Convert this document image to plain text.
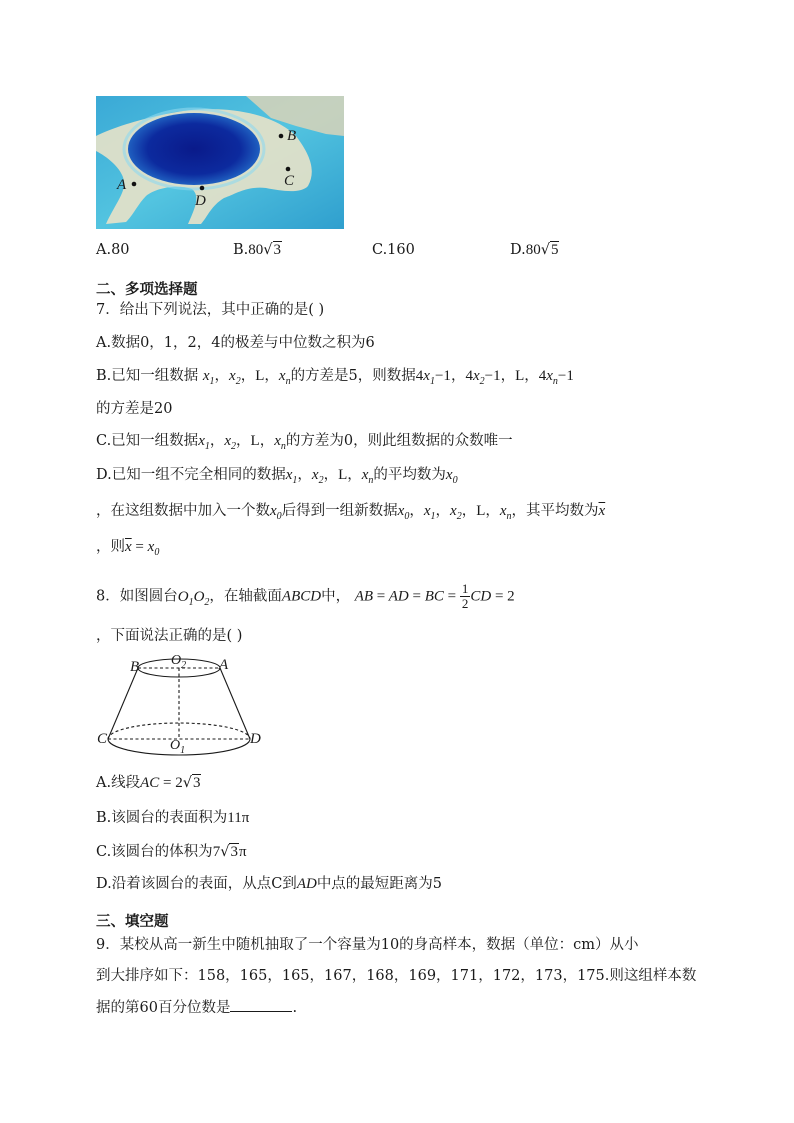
B
C
A
D
A.80	B.80√3	C.160	D.80√5
二、多项选择题
7．给出下列说法，其中正确的是( )
A.数据0，1，2，4的极差与中位数之积为6
B.已知一组数据 $x_1$，$x_2$，L，$x_n$的方差是5，则数据$4x_1-1$，$4x_2-1$，L，$4x_n-1$
的方差是20
C.已知一组数据$x_1$，$x_2$，L，$x_n$的方差为0，则此组数据的众数唯一
D.已知一组不完全相同的数据$x_1$，$x_2$，L，$x_n$的平均数为$x_0$
，在这组数据中加入一个数$x_0$后得到一组新数据$x_0$，$x_1$，$x_2$，L，$x_n$，其平均数为$\overline{x}$
，则$\overline{x} = x_0$
8．如图圆台$O_1O_2$，在轴截面ABCD中， AB = AD = BC = $\frac{1}{2}$ CD = 2
，下面说法正确的是( )
B $O_2$ A
C	$O_1$
D
A.线段AC = 2√3
B.该圆台的表面积为11π
C.该圆台的体积为7√3π
D.沿着该圆台的表面，从点C到AD中点的最短距离为5
三、填空题
9．某校从高一新生中随机抽取了一个容量为10的身高样本，数据（单位：cm）从小
到大排序如下：158，165，165，167，168，169，171，172，173，175.则这组样本数
据的第60百分位数是	.
